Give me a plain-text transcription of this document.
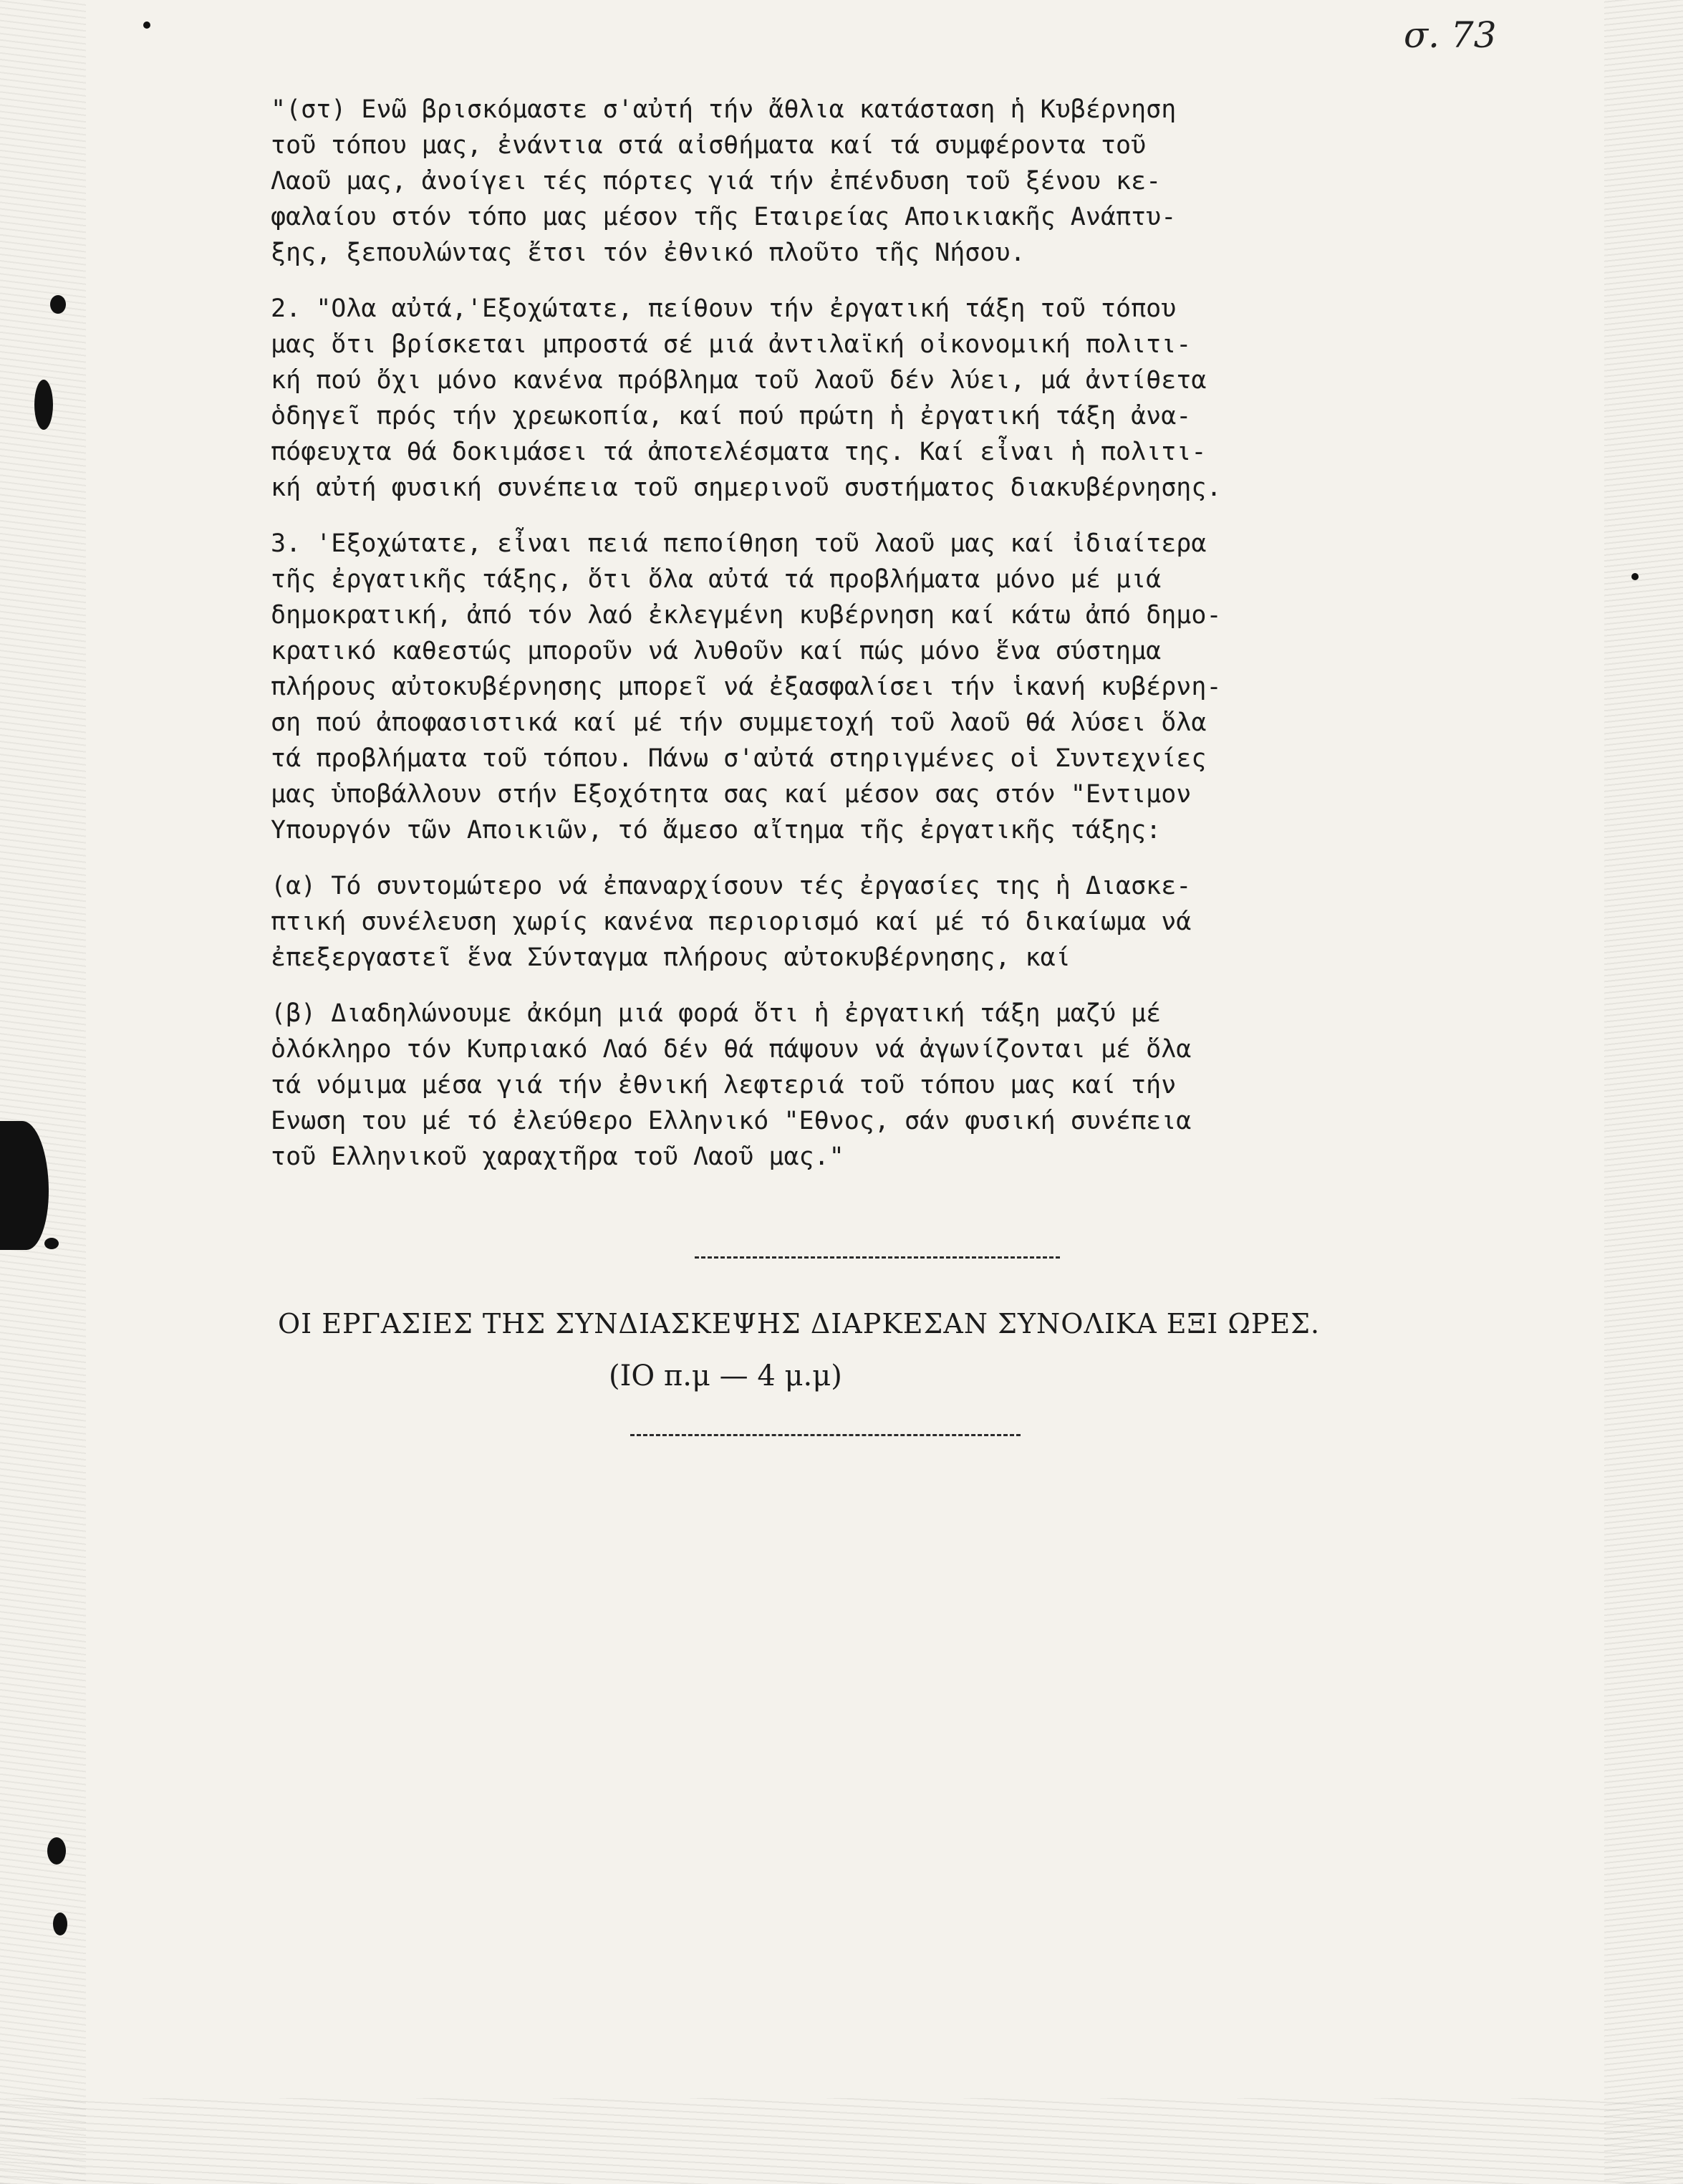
σ. 73

"(στ) Ενῶ βρισκόμαστε σ'αὐτή τήν ἄθλια κατάσταση ἡ Κυβέρνηση
τοῦ τόπου μας, ἐνάντια στά αἰσθήματα καί τά συμφέροντα τοῦ
Λαοῦ μας, ἀνοίγει τές πόρτες γιά τήν ἐπένδυση τοῦ ξένου κε-
φαλαίου στόν τόπο μας μέσον τῆς Εταιρείας Αποικιακῆς Ανάπτυ-
ξης, ξεπουλώντας ἔτσι τόν ἐθνικό πλοῦτο τῆς Νήσου.

2. "Ολα αὐτά,'Εξοχώτατε, πείθουν τήν ἐργατική τάξη τοῦ τόπου
μας ὅτι βρίσκεται μπροστά σέ μιά ἀντιλαϊκή οἰκονομική πολιτι-
κή πού ὄχι μόνο κανένα πρόβλημα τοῦ λαοῦ δέν λύει, μά ἀντίθετα
ὁδηγεῖ πρός τήν χρεωκοπία, καί πού πρώτη ἡ ἐργατική τάξη ἀνα-
πόφευχτα θά δοκιμάσει τά ἀποτελέσματα της. Καί εἶναι ἡ πολιτι-
κή αὐτή φυσική συνέπεια τοῦ σημερινοῦ συστήματος διακυβέρνησης.

3. 'Εξοχώτατε, εἶναι πειά πεποίθηση τοῦ λαοῦ μας καί ἰδιαίτερα
τῆς ἐργατικῆς τάξης, ὅτι ὅλα αὐτά τά προβλήματα μόνο μέ μιά
δημοκρατική, ἀπό τόν λαό ἐκλεγμένη κυβέρνηση καί κάτω ἀπό δημο-
κρατικό καθεστώς μποροῦν νά λυθοῦν καί πώς μόνο ἕνα σύστημα
πλήρους αὐτοκυβέρνησης μπορεῖ νά ἐξασφαλίσει τήν ἱκανή κυβέρνη-
ση πού ἀποφασιστικά καί μέ τήν συμμετοχή τοῦ λαοῦ θά λύσει ὅλα
τά προβλήματα τοῦ τόπου. Πάνω σ'αὐτά στηριγμένες οἱ Συντεχνίες
μας ὑποβάλλουν στήν Εξοχότητα σας καί μέσον σας στόν "Εντιμον
Υπουργόν τῶν Αποικιῶν, τό ἄμεσο αἴτημα τῆς ἐργατικῆς τάξης:

(α) Τό συντομώτερο νά ἐπαναρχίσουν τές ἐργασίες της ἡ Διασκε-
πτική συνέλευση χωρίς κανένα περιορισμό καί μέ τό δικαίωμα νά
ἐπεξεργαστεῖ ἕνα Σύνταγμα πλήρους αὐτοκυβέρνησης, καί

(β) Διαδηλώνουμε ἀκόμη μιά φορά ὅτι ἡ ἐργατική τάξη μαζύ μέ
ὁλόκληρο τόν Κυπριακό Λαό δέν θά πάψουν νά ἀγωνίζονται μέ ὅλα
τά νόμιμα μέσα γιά τήν ἐθνική λεφτεριά τοῦ τόπου μας καί τήν
Ενωση του μέ τό ἐλεύθερο Ελληνικό "Εθνος, σάν φυσική συνέπεια
τοῦ Ελληνικοῦ χαραχτῆρα τοῦ Λαοῦ μας."

ΟΙ ΕΡΓΑΣΙΕΣ ΤΗΣ ΣΥΝΔΙΑΣΚΕΨΗΣ ΔΙΑΡΚΕΣΑΝ ΣΥΝΟΛΙΚΑ ΕΞΙ ΩΡΕΣ.
(ΙΟ π.μ — 4 μ.μ)
